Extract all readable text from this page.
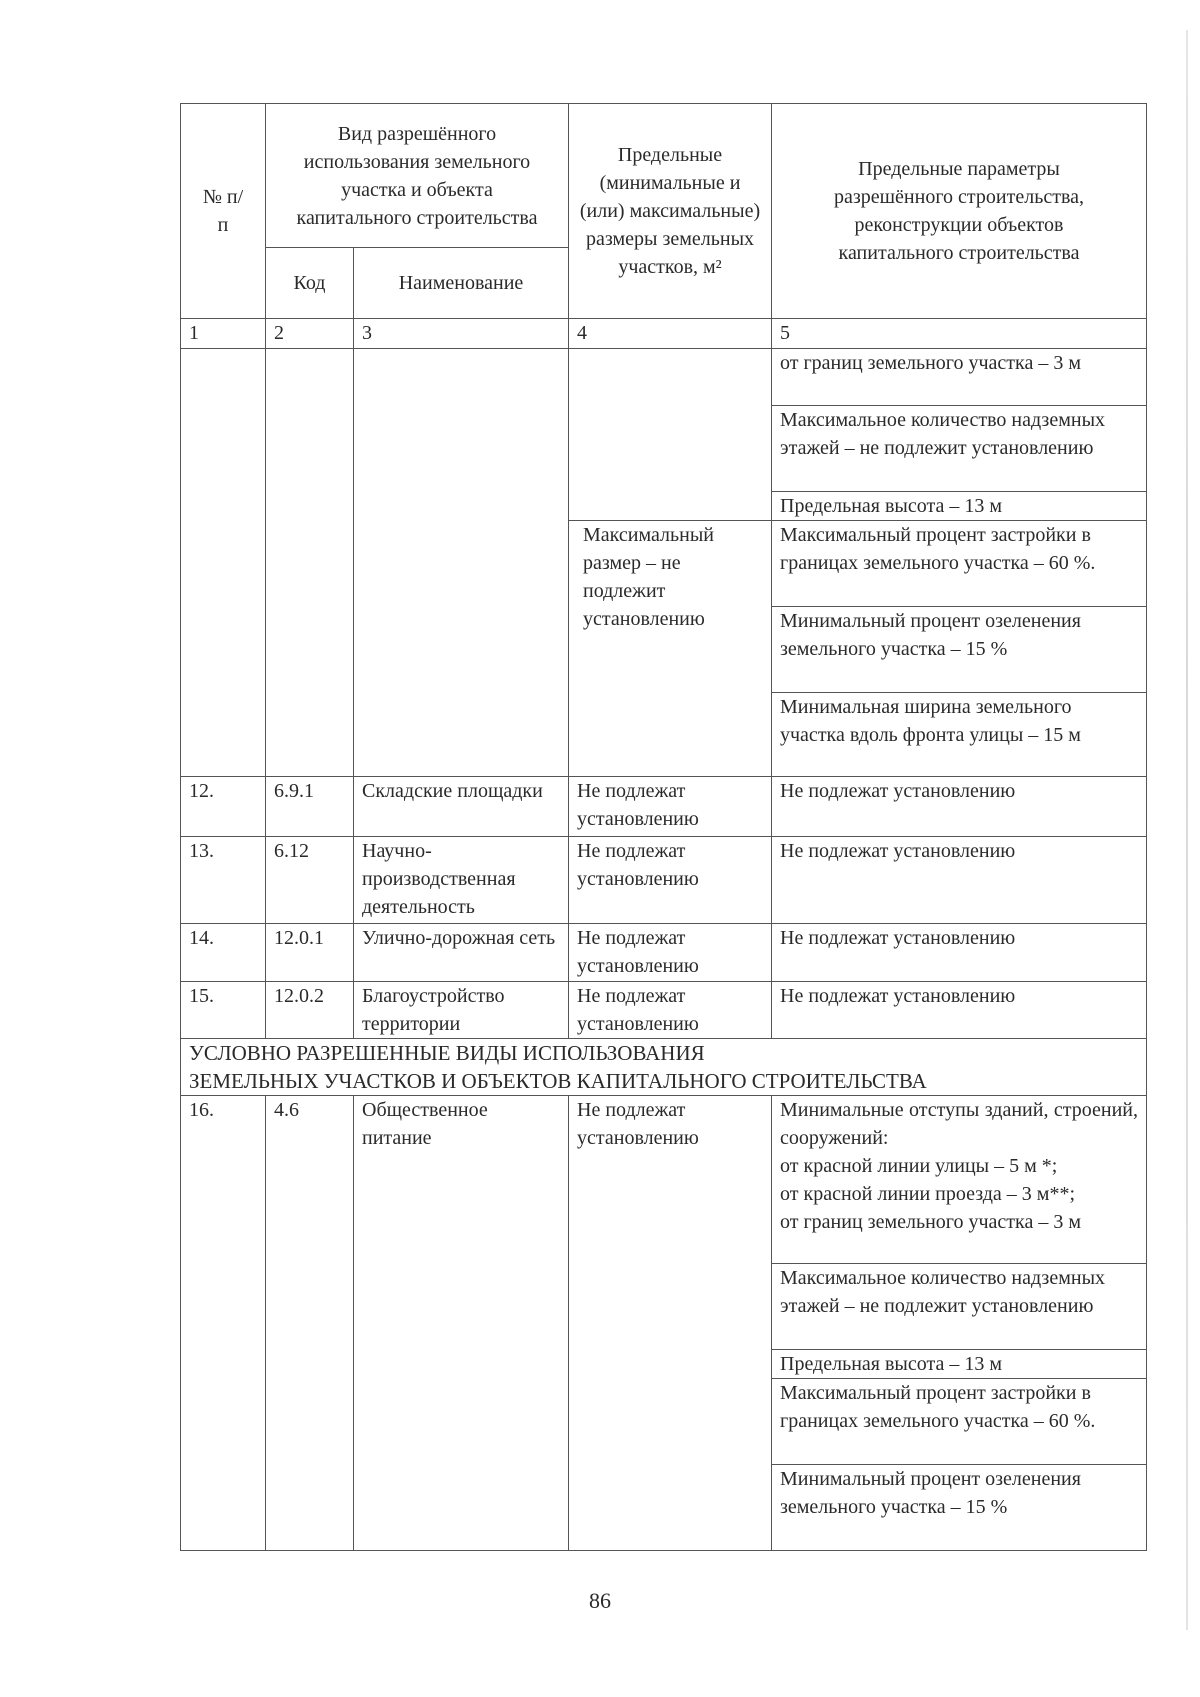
№ п/п	Вид разрешённого использования земельного участка и объекта капитального строительства		Предельные (минимальные и (или) максимальные) размеры земельных участков, м²	Предельные параметры разрешённого строительства, реконструкции объектов капитального строительства
	Код	Наименование		
1	2	3	4	5
				от границ земельного участка – 3 м
				Максимальное количество надземных этажей – не подлежит установлению
				Предельная высота – 13 м
			Максимальный размер – не подлежит установлению	Максимальный процент застройки в границах земельного участка – 60 %.
				Минимальный процент озеленения земельного участка – 15 %
				Минимальная ширина земельного участка вдоль фронта улицы – 15 м

12.	6.9.1	Складские площадки	Не подлежат установлению	Не подлежат установлению
13.	6.12	Научно-производственная деятельность	Не подлежат установлению	Не подлежат установлению
14.	12.0.1	Улично-дорожная сеть	Не подлежат установлению	Не подлежат установлению
15.	12.0.2	Благоустройство территории	Не подлежат установлению	Не подлежат установлению
УСЛОВНО РАЗРЕШЕННЫЕ ВИДЫ ИСПОЛЬЗОВАНИЯ
ЗЕМЕЛЬНЫХ УЧАСТКОВ И ОБЪЕКТОВ КАПИТАЛЬНОГО СТРОИТЕЛЬСТВА				
16.	4.6	Общественное питание	Не подлежат установлению	Минимальные отступы зданий, строений, сооружений:
от красной линии улицы – 5 м *;
от красной линии проезда – 3 м**;
от границ земельного участка – 3 м

				Максимальное количество надземных этажей – не подлежит установлению
				Предельная высота – 13 м
				Максимальный процент застройки в границах земельного участка – 60 %.
				Минимальный процент озеленения земельного участка – 15 %
86
